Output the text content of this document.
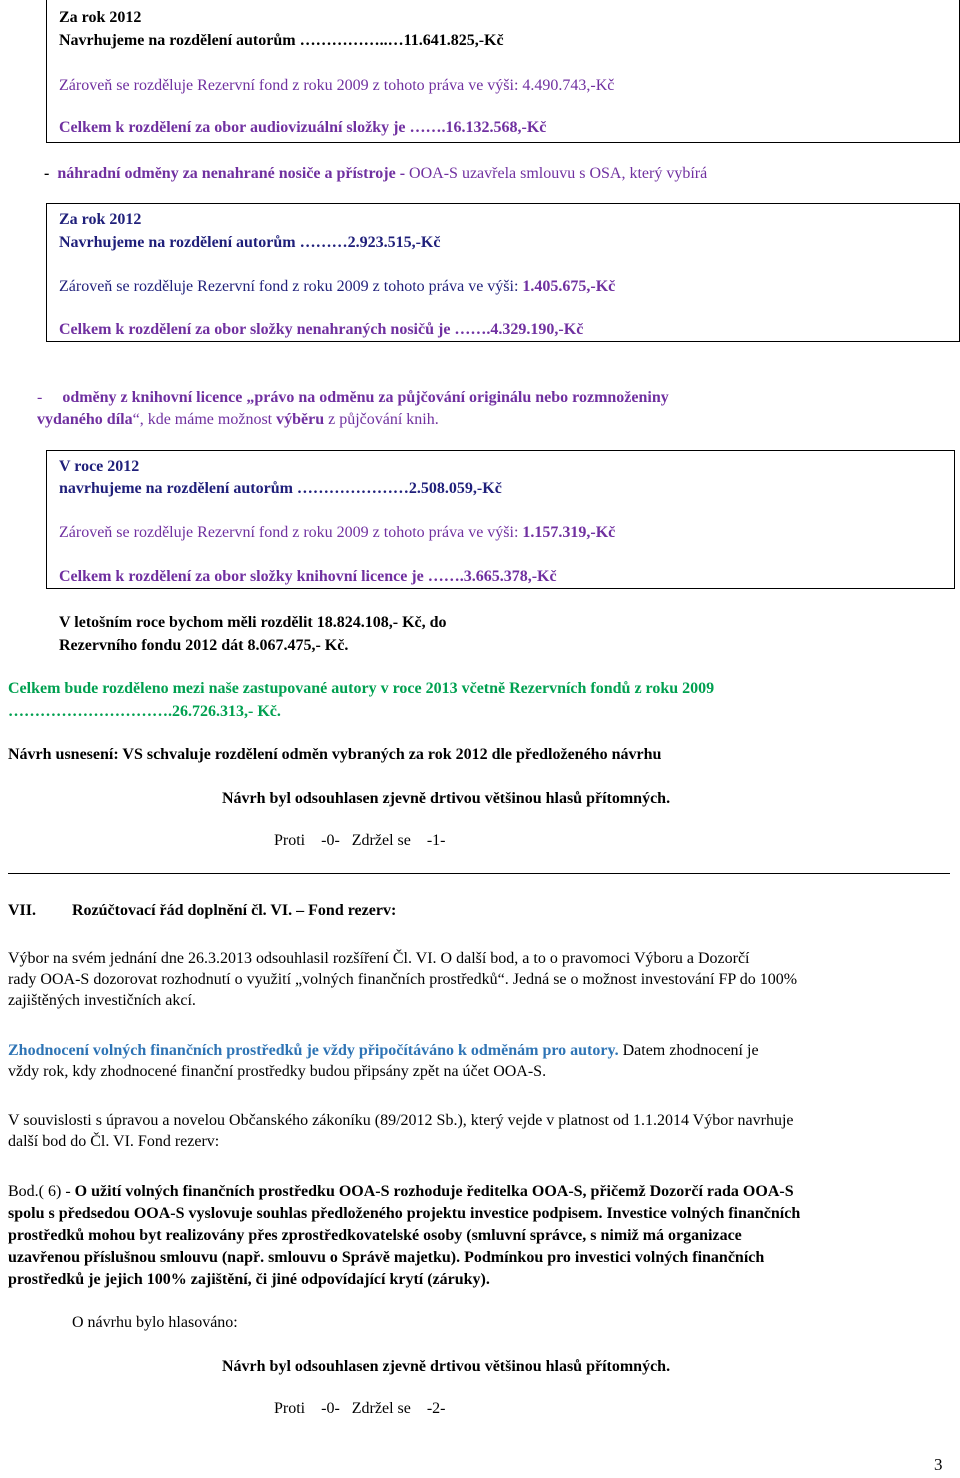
Za rok 2012
Navrhujeme na rozdělení autorům ……………..…11.641.825,-Kč
Zároveň se rozděluje Rezervní fond z roku 2009 z tohoto práva ve výši: 4.490.743,-Kč
Celkem k rozdělení za obor audiovizuální složky je …….16.132.568,-Kč
- náhradní odměny za nenahrané nosiče a přístroje - OOA-S uzavřela smlouvu s OSA, který vybírá
Za rok 2012
Navrhujeme na rozdělení autorům ………2.923.515,-Kč
Zároveň se rozděluje Rezervní fond z roku 2009 z tohoto práva ve výši: 1.405.675,-Kč
Celkem k rozdělení za obor složky nenahraných nosičů je …….4.329.190,-Kč
- odměny z knihovní licence „právo na odměnu za půjčování originálu nebo rozmnoženiny
vydaného díla“, kde máme možnost výběru z půjčování knih.
V roce 2012
navrhujeme na rozdělení autorům …………………2.508.059,-Kč
Zároveň se rozděluje Rezervní fond z roku 2009 z tohoto práva ve výši: 1.157.319,-Kč
Celkem k rozdělení za obor složky knihovní licence je …….3.665.378,-Kč
V letošním roce bychom měli rozdělit 18.824.108,- Kč, do
Rezervního fondu 2012 dát 8.067.475,- Kč.
Celkem bude rozděleno mezi naše zastupované autory v roce 2013 včetně Rezervních fondů z roku 2009
………………………….26.726.313,- Kč.
Návrh usnesení: VS schvaluje rozdělení odměn vybraných za rok 2012 dle předloženého návrhu
Návrh byl odsouhlasen zjevně drtivou většinou hlasů přítomných.
Proti    -0-   Zdržel se    -1-
VII. Rozúčtovací řád doplnění čl. VI. – Fond rezerv:
Výbor na svém jednání dne 26.3.2013 odsouhlasil rozšíření Čl. VI. O další bod, a to o pravomoci Výboru a Dozorčí
rady OOA-S dozorovat rozhodnutí o využití „volných finančních prostředků“. Jedná se o možnost investování FP do 100%
zajištěných investičních akcí.
Zhodnocení volných finančních prostředků je vždy připočítáváno k odměnám pro autory. Datem zhodnocení je
vždy rok, kdy zhodnocené finanční prostředky budou připsány zpět na účet OOA-S.
V souvislosti s úpravou a novelou Občanského zákoníku (89/2012 Sb.), který vejde v platnost od 1.1.2014 Výbor navrhuje
další bod do Čl. VI. Fond rezerv:
Bod.( 6) - O užití volných finančních prostředku OOA-S rozhoduje ředitelka OOA-S, přičemž Dozorčí rada OOA-S
spolu s předsedou OOA-S vyslovuje souhlas předloženého projektu investice podpisem. Investice volných finančních
prostředků mohou byt realizovány přes zprostředkovatelské osoby (smluvní správce, s nimiž má organizace
uzavřenou příslušnou smlouvu (např. smlouvu o Správě majetku). Podmínkou pro investici volných finančních
prostředků je jejich 100% zajištění, či jiné odpovídající krytí (záruky).
O návrhu bylo hlasováno:
Návrh byl odsouhlasen zjevně drtivou většinou hlasů přítomných.
Proti    -0-   Zdržel se    -2-
3
